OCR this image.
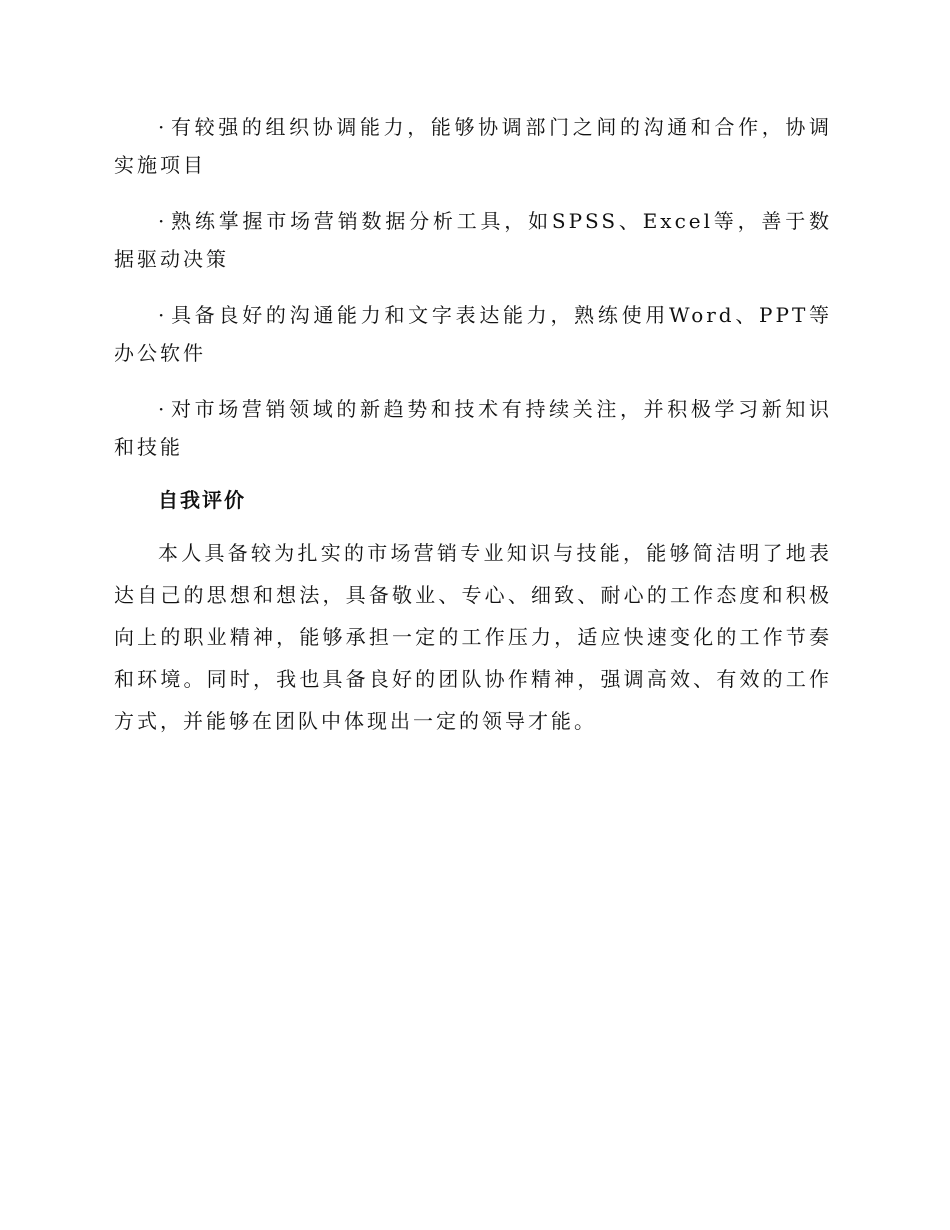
· 有较强的组织协调能力，能够协调部门之间的沟通和合作，协调实施项目

· 熟练掌握市场营销数据分析工具，如SPSS、Excel等，善于数据驱动决策

· 具备良好的沟通能力和文字表达能力，熟练使用Word、PPT等办公软件

· 对市场营销领域的新趋势和技术有持续关注，并积极学习新知识和技能

自我评价

本人具备较为扎实的市场营销专业知识与技能，能够简洁明了地表达自己的思想和想法，具备敬业、专心、细致、耐心的工作态度和积极向上的职业精神，能够承担一定的工作压力，适应快速变化的工作节奏和环境。同时，我也具备良好的团队协作精神，强调高效、有效的工作方式，并能够在团队中体现出一定的领导才能。
